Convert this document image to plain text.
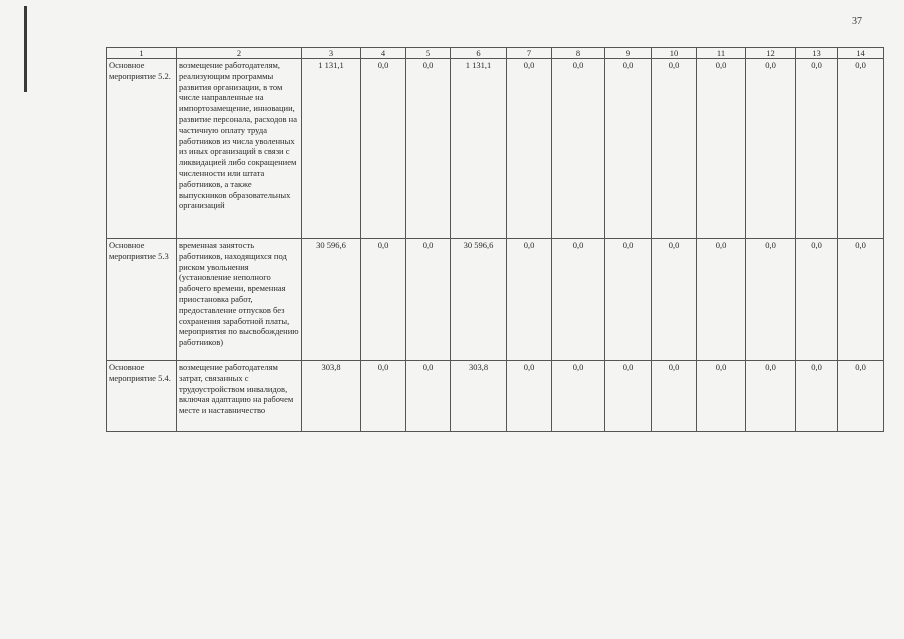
37
1	2	3	4	5	6	7	8	9	10	11	12	13	14
Основное мероприятие 5.2.	возмещение работодателям, реализующим программы развития организации, в том числе направленные на импортозамещение, инновации, развитие персонала, расходов на частичную оплату труда работников из числа уволенных из иных организаций в связи с ликвидацией либо сокращением численности или штата работников, а также выпускников образовательных организаций	1 131,1	0,0	0,0	1 131,1	0,0	0,0	0,0	0,0	0,0	0,0	0,0	0,0
Основное мероприятие 5.3	временная занятость работников, находящихся под риском увольнения (установление неполного рабочего времени, временная приостановка работ, предоставление отпусков без сохранения заработной платы, мероприятия по высвобождению работников)	30 596,6	0,0	0,0	30 596,6	0,0	0,0	0,0	0,0	0,0	0,0	0,0	0,0
Основное мероприятие 5.4.	возмещение работодателям затрат, связанных с трудоустройством инвалидов, включая адаптацию на рабочем месте и наставничество	303,8	0,0	0,0	303,8	0,0	0,0	0,0	0,0	0,0	0,0	0,0	0,0
